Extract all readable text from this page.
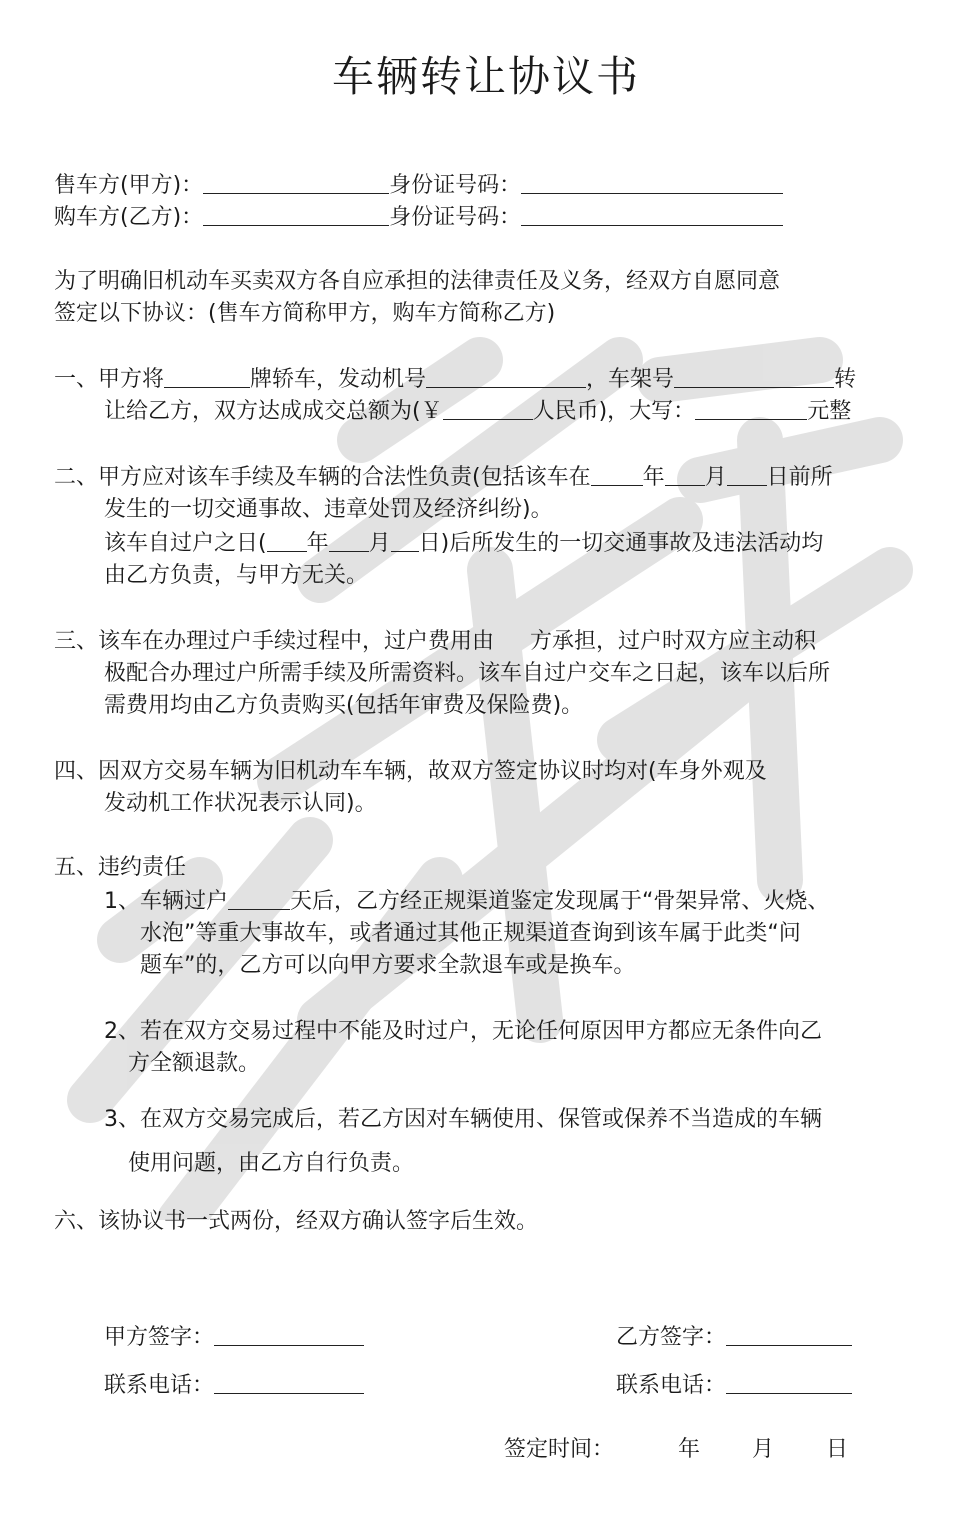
车辆转让协议书
售车方(甲方)：	身份证号码：
购车方(乙方)：	身份证号码：
为了明确旧机动车买卖双方各自应承担的法律责任及义务，经双方自愿同意
签定以下协议：(售车方简称甲方，购车方简称乙方)
一、甲方将	牌轿车，发动机号	，车架号	转
让给乙方，双方达成成交总额为(￥	人民币)，大写：	元整
二、甲方应对该车手续及车辆的合法性负责(包括该车在 年 月 日前所
发生的一切交通事故、违章处罚及经济纠纷)。
该车自过户之日( 年 月 日)后所发生的一切交通事故及违法活动均
由乙方负责，与甲方无关。
三、该车在办理过户手续过程中，过户费用由 方承担，过户时双方应主动积
极配合办理过户所需手续及所需资料。该车自过户交车之日起，该车以后所
需费用均由乙方负责购买(包括年审费及保险费)。
四、因双方交易车辆为旧机动车车辆，故双方签定协议时均对(车身外观及
发动机工作状况表示认同)。
五、违约责任
1、车辆过户	天后，乙方经正规渠道鉴定发现属于“骨架异常、火烧、
水泡”等重大事故车，或者通过其他正规渠道查询到该车属于此类“问
题车”的，乙方可以向甲方要求全款退车或是换车。
2、若在双方交易过程中不能及时过户，无论任何原因甲方都应无条件向乙
方全额退款。
3、在双方交易完成后，若乙方因对车辆使用、保管或保养不当造成的车辆
使用问题，由乙方自行负责。
六、该协议书一式两份，经双方确认签字后生效。
甲方签字：	乙方签字：
联系电话：	联系电话：
签定时间：	年 月 日
